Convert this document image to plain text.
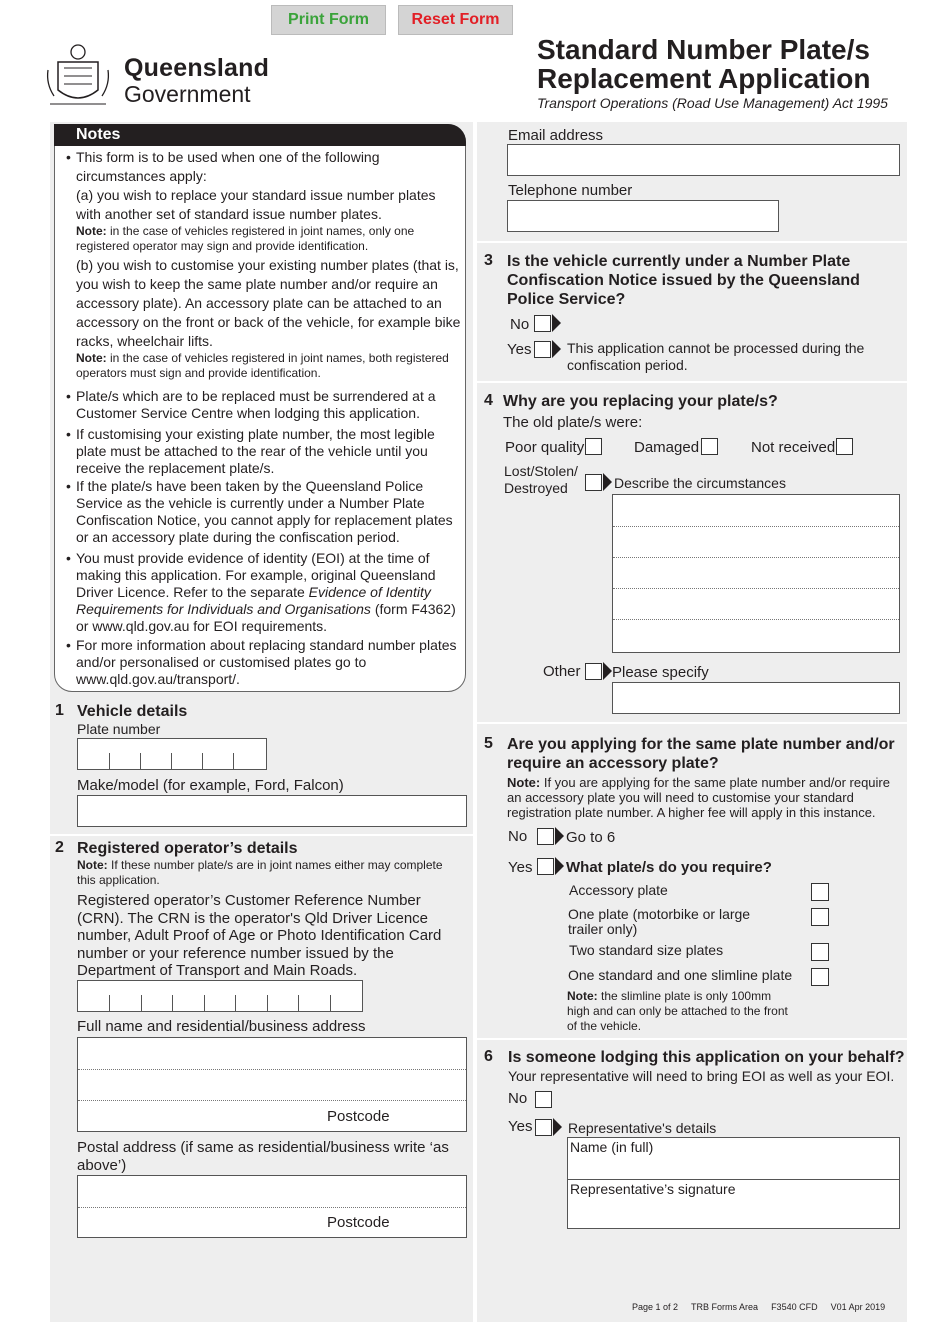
Print Form	Reset Form
Queensland
Government
Standard Number Plate/s
Replacement Application
Transport Operations (Road Use Management) Act 1995
Notes
• This form is to be used when one of the following circumstances apply:
(a) you wish to replace your standard issue number plates with another set of standard issue number plates.
Note: in the case of vehicles registered in joint names, only one registered operator may sign and provide identification.
(b) you wish to customise your existing number plates (that is, you wish to keep the same plate number and/or require an accessory plate). An accessory plate can be attached to an accessory on the front or back of the vehicle, for example bike racks, wheelchair lifts.
Note: in the case of vehicles registered in joint names, both registered operators must sign and provide identification.
• Plate/s which are to be replaced must be surrendered at a Customer Service Centre when lodging this application.
• If customising your existing plate number, the most legible plate must be attached to the rear of the vehicle until you receive the replacement plate/s.
• If the plate/s have been taken by the Queensland Police Service as the vehicle is currently under a Number Plate Confiscation Notice, you cannot apply for replacement plates or an accessory plate during the confiscation period.
• You must provide evidence of identity (EOI) at the time of making this application. For example, original Queensland Driver Licence. Refer to the separate Evidence of Identity Requirements for Individuals and Organisations (form F4362) or www.qld.gov.au for EOI requirements.
• For more information about replacing standard number plates and/or personalised or customised plates go to www.qld.gov.au/transport/.
1 Vehicle details
Plate number
Make/model (for example, Ford, Falcon)
2 Registered operator’s details
Note: If these number plate/s are in joint names either may complete this application.
Registered operator’s Customer Reference Number (CRN). The CRN is the operator's Qld Driver Licence number, Adult Proof of Age or Photo Identification Card number or your reference number issued by the Department of Transport and Main Roads.
Full name and residential/business address
Postcode
Postal address (if same as residential/business write ‘as above’)
Postcode
Email address
Telephone number
3 Is the vehicle currently under a Number Plate Confiscation Notice issued by the Queensland Police Service?
No
Yes	This application cannot be processed during the confiscation period.
4 Why are you replacing your plate/s?
The old plate/s were:
Poor quality	Damaged	Not received
Lost/Stolen/ Destroyed	Describe the circumstances
Other Please specify
5 Are you applying for the same plate number and/or require an accessory plate?
Note: If you are applying for the same plate number and/or require an accessory plate you will need to customise your standard registration plate number. A higher fee will apply in this instance.
No	Go to 6
Yes What plate/s do you require?
Accessory plate
One plate (motorbike or large trailer only)
Two standard size plates
One standard and one slimline plate
Note: the slimline plate is only 100mm high and can only be attached to the front of the vehicle.
6 Is someone lodging this application on your behalf?
Your representative will need to bring EOI as well as your EOI.
No
Yes	Representative's details
Name (in full)
Representative’s signature
Page 1 of 2 TRB Forms Area F3540 CFD V01 Apr 2019
